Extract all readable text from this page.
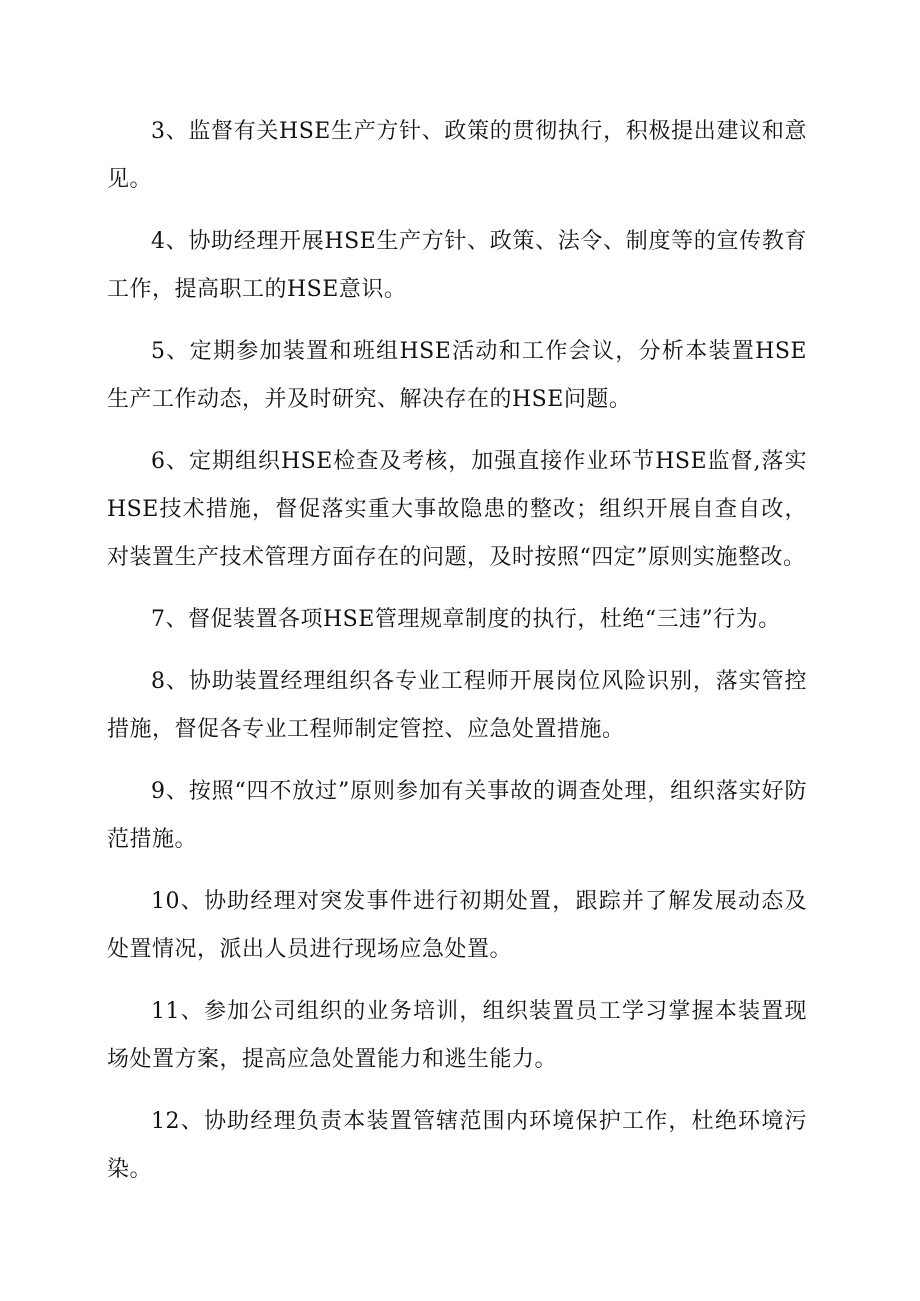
3、监督有关HSE生产方针、政策的贯彻执行，积极提出建议和意见。

4、协助经理开展HSE生产方针、政策、法令、制度等的宣传教育工作，提高职工的HSE意识。

5、定期参加装置和班组HSE活动和工作会议，分析本装置HSE生产工作动态，并及时研究、解决存在的HSE问题。

6、定期组织HSE检查及考核，加强直接作业环节HSE监督,落实HSE技术措施，督促落实重大事故隐患的整改；组织开展自查自改，对装置生产技术管理方面存在的问题，及时按照“四定”原则实施整改。

7、督促装置各项HSE管理规章制度的执行，杜绝“三违”行为。

8、协助装置经理组织各专业工程师开展岗位风险识别，落实管控措施，督促各专业工程师制定管控、应急处置措施。

9、按照“四不放过”原则参加有关事故的调查处理，组织落实好防范措施。

10、协助经理对突发事件进行初期处置，跟踪并了解发展动态及处置情况，派出人员进行现场应急处置。

11、参加公司组织的业务培训，组织装置员工学习掌握本装置现场处置方案，提高应急处置能力和逃生能力。

12、协助经理负责本装置管辖范围内环境保护工作，杜绝环境污染。
